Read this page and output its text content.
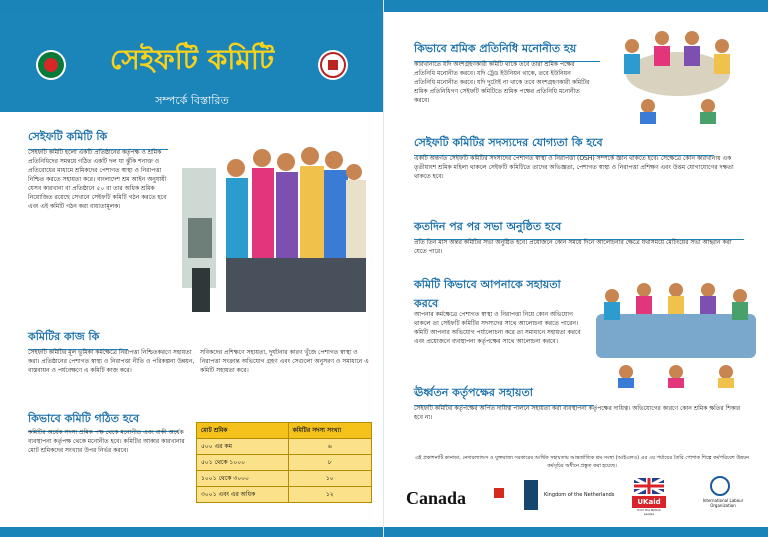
সেইফটি কমিটি
সম্পর্কে বিস্তারিত
সেইফটি কমিটি কি
সেইফটি কমিটি হলো একটি প্রতিষ্ঠানের কর্তৃপক্ষ ও শ্রমিক প্রতিনিধিদের সমন্বয়ে গঠিত একটি দল যা ঝুঁকি শনাক্ত ও প্রতিরোধের মাধ্যমে শ্রমিকদের পেশাগত স্বাস্থ্য ও নিরাপত্তা নিশ্চিত করতে সহায়তা করে। বাংলাদেশ শ্রম আইন অনুযায়ী যেসব কারখানা বা প্রতিষ্ঠানে ৫০ বা তার অধিক শ্রমিক নিয়োজিত রয়েছে সেখানে সেইফটি কমিটি গঠন করতে হবে এবং এই কমিটি গঠন করা বাধ্যতামূলক।
কমিটির কাজ কি
সেইফটি কমিটির মূল ভূমিকা কর্মক্ষেত্রে নিরাপত্তা নিশ্চিতকরণে সহায়তা করা। প্রতিষ্ঠানের পেশাগত স্বাস্থ্য ও নিরাপত্তা নীতি ও পরিকল্পনা উন্নয়ন, বাস্তবায়ন ও পর্যবেক্ষণে এ কমিটি কাজ করে।
সবিকদের প্রশিক্ষণে সহায়তা, দুর্ঘটনার কারণ খুঁজে পেশাগত স্বাস্থ্য ও নিরাপত্তা সংক্রান্ত অভিযোগ গ্রহণ এবং সেগুলো অনুসরণ ও সমাধানে এ কমিটি সহায়তা করে।
কিভাবে কমিটি গঠিত হবে
কমিটির অর্ধেক সদস্য শ্রমিক পক্ষ থেকে মনোনীত এবং বাকী অর্ধেক ব্যবস্থাপনা কর্তৃপক্ষ থেকে মনোনীত হবে। কমিটির আকার কারখানার মোট শ্রমিকদের সংখ্যার উপর নির্ভর করবে।
মোট শ্রমিক	কমিটির সদস্য সংখ্যা
৫০০ এর কম	৬
৫০১ থেকে ১০০০	৮
১০০১ থেকে ৩০০০	১০
৩০০১ এবং এর অধিক	১২
কিভাবে শ্রমিক প্রতিনিধি মনোনীত হয়
কারখানাতে যদি অংশগ্রহণকারী কমিটি থাকে তবে তারা শ্রমিক পক্ষের প্রতিনিধি মনোনীত করবে। যদি ট্রেড ইউনিয়ন থাকে, তবে ইউনিয়ন প্রতিনিধি মনোনীত করবে। যদি দুটোই না থাকে তবে অংশগ্রহণকারী কমিটির শ্রমিক প্রতিনিধিগণ সেইফটি কমিটিতে শ্রমিক পক্ষের প্রতিনিধি মনোনীত করবে।
সেইফটি কমিটির সদস্যদের যোগ্যতা কি হবে
একটি অন্তর্গত সেইফটি কমিটির সদস্যদের পেশাগত স্বাস্থ্য ও নিরাপত্তা (OSH) সম্পর্কে জ্ঞান থাকতে হবে। সেক্ষেত্রে কোন কারখানায় এক তৃতীয়াংশ শ্রমিক মহিলা থাকলে সেইফটি কমিটিতে তাদের অভিজ্ঞতা, পেশাগত স্বাস্থ্য ও নিরাপত্তা প্রশিক্ষণ এবং উত্তম যোগাযোগের দক্ষতা থাকতে হবে।
কতদিন পর পর সভা অনুষ্ঠিত হবে
প্রতি তিন মাস অন্তর কমিটির সভা অনুষ্ঠিত হবে। প্রয়োজনে কোন সময়ে দিনে আলোচনার ক্ষেত্রে যথাসময়ে মেটিংয়ের সভা আহ্বান করা যেতে পারে।
কমিটি কিভাবে আপনাকে সহায়তা করবে
আপনার কর্মক্ষেত্রে পেশাগত স্বাস্থ্য ও নিরাপত্তা নিয়ে কোন অভিযোগ থাকলে তা সেইফটি কমিটির সদস্যদের সাথে আলোচনা করতে পারেন। কমিটি আপনার অভিযোগ পর্যালোচনা করে তা সমাধানে সহায়তা করবে এবং প্রয়োজনে ব্যবস্থাপনা কর্তৃপক্ষের সাথে আলোচনা করবে।
ঊর্ধ্বতন কর্তৃপক্ষের সহায়তা
সেইফটি কমিটির কর্তৃপক্ষের অর্পিত দায়িত্ব পালনে সহায়তা করা ব্যবস্থাপনা কর্তৃপক্ষের দায়িত্ব। অভিযোগের কারণে কোন শ্রমিক ক্ষতির শিকার হবে না।
এই প্রকাশনাটি কানাডা, নেদারল্যান্ডস ও যুক্তরাজ্য সরকারের আর্থিক সহায়তায় আন্তর্জাতিক শ্রম সংস্থা (আইএলও) এর ৩য় পর্যায়ের তৈরি পোশাক শিল্পে কর্মপরিবেশ উন্নয়ন কর্মসূচির অধীনে প্রস্তুত করা হয়েছে।
Canada	Kingdom of the Netherlands
UKaid
from the British people
International Labour Organization
